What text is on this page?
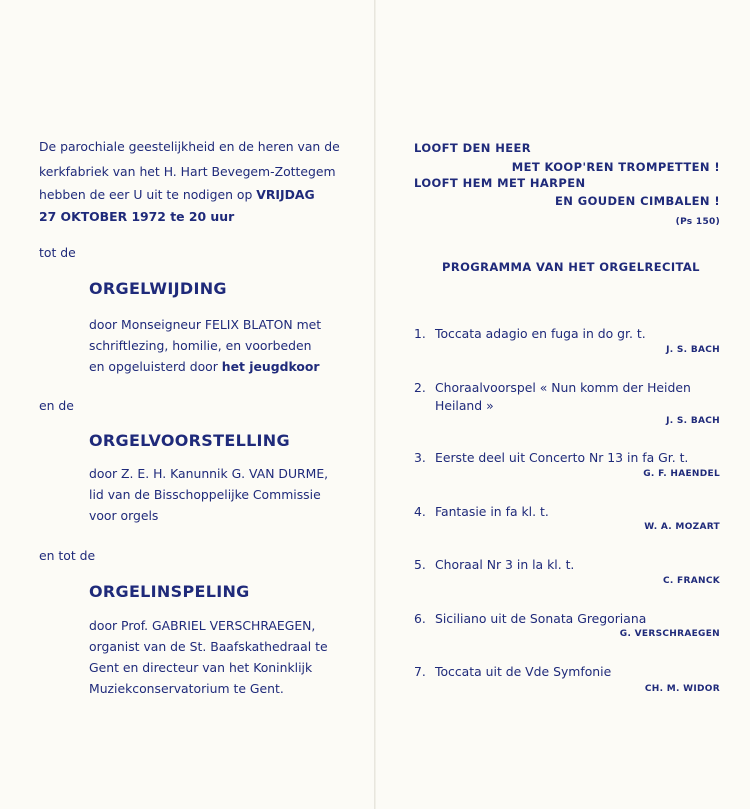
De parochiale geestelijkheid en de heren van de
kerkfabriek van het H. Hart Bevegem-Zottegem
hebben de eer U uit te nodigen op VRIJDAG
27 OKTOBER 1972 te 20 uur
tot de
ORGELWIJDING
door Monseigneur FELIX BLATON met
schriftlezing, homilie, en voorbeden
en opgeluisterd door het jeugdkoor
en de
ORGELVOORSTELLING
door Z. E. H. Kanunnik G. VAN DURME,
lid van de Bisschoppelijke Commissie
voor orgels
en tot de
ORGELINSPELING
door Prof. GABRIEL VERSCHRAEGEN,
organist van de St. Baafskathedraal te
Gent en directeur van het Koninklijk
Muziekconservatorium te Gent.
LOOFT DEN HEER
MET KOOP'REN TROMPETTEN !
LOOFT HEM MET HARPEN
EN GOUDEN CIMBALEN !
(Ps 150)
PROGRAMMA VAN HET ORGELRECITAL
1. Toccata adagio en fuga in do gr. t.
J. S. BACH
2. Choraalvoorspel « Nun komm der Heiden Heiland »
J. S. BACH
3. Eerste deel uit Concerto Nr 13 in fa Gr. t.
G. F. HAENDEL
4. Fantasie in fa kl. t.
W. A. MOZART
5. Choraal Nr 3 in la kl. t.
C. FRANCK
6. Siciliano uit de Sonata Gregoriana
G. VERSCHRAEGEN
7. Toccata uit de Vde Symfonie
CH. M. WIDOR
